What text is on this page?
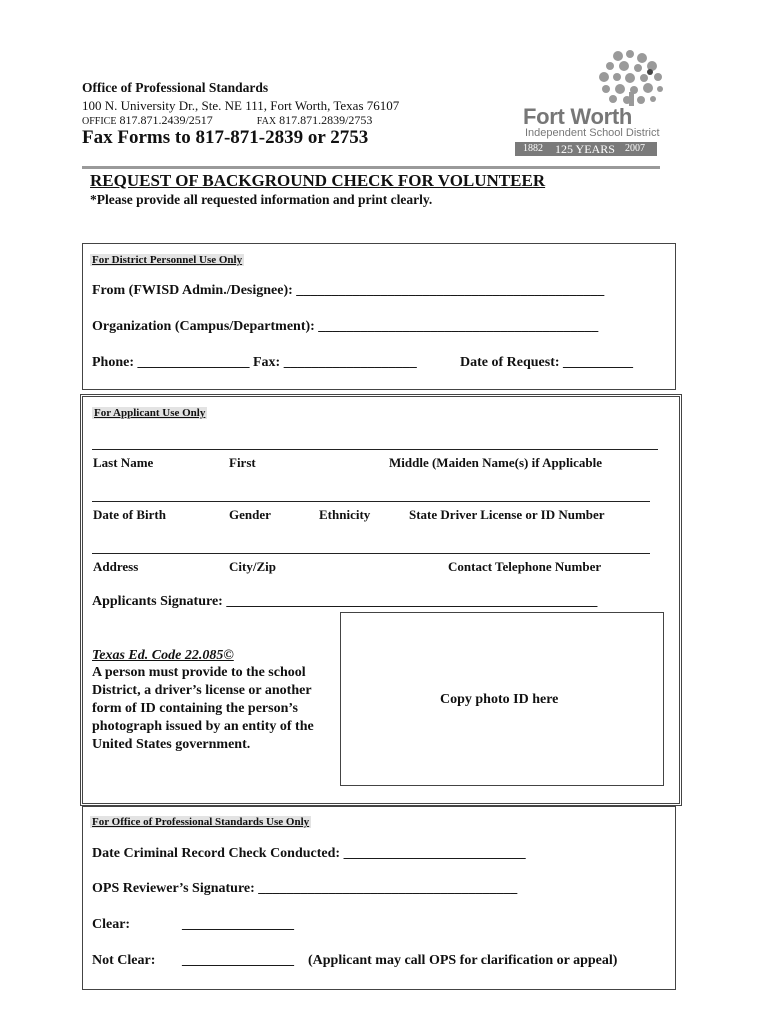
Office of Professional Standards
100 N. University Dr., Ste. NE 111, Fort Worth, Texas 76107
OFFICE 817.871.2439/2517	FAX 817.871.2839/2753
Fax Forms to 817-871-2839 or 2753
Fort Worth
Independent School District
1882 125 YEARS 2007
REQUEST OF BACKGROUND CHECK FOR VOLUNTEER
*Please provide all requested information and print clearly.
For District Personnel Use Only
From (FWISD Admin./Designee): ____________________________________________
Organization (Campus/Department): ________________________________________
Phone: ________________ Fax: ___________________	Date of Request: __________
For Applicant Use Only
Last Name	First	Middle (Maiden Name(s) if Applicable
Date of Birth	Gender	Ethnicity	State Driver License or ID Number
Address	City/Zip	Contact Telephone Number
Applicants Signature: _____________________________________________________
Texas Ed. Code 22.085©
A person must provide to the school District, a driver’s license or another form of ID containing the person’s photograph issued by an entity of the United States government.
Copy photo ID here
For Office of Professional Standards Use Only
Date Criminal Record Check Conducted: __________________________
OPS Reviewer’s Signature: _____________________________________
Clear:	________________
Not Clear: ________________ (Applicant may call OPS for clarification or appeal)
